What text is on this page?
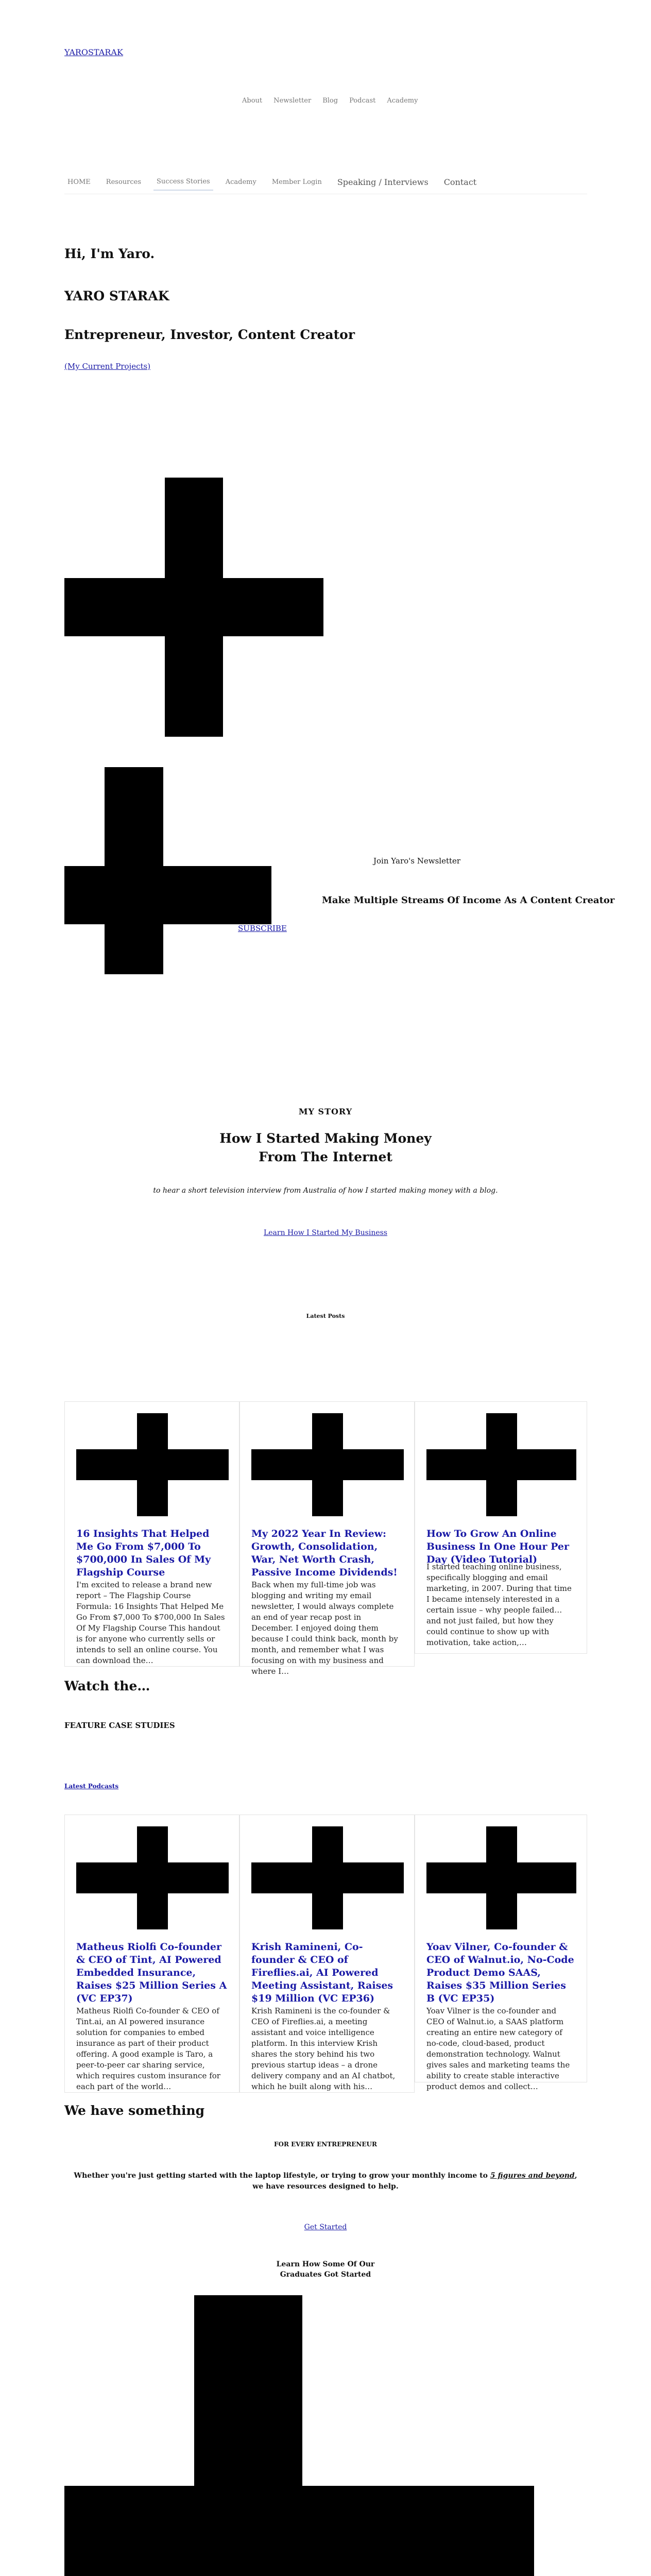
YAROSTARAK
About Newsletter Blog Podcast Academy
HOME	Resources	Success Stories	Academy	Member Login	Speaking / Interviews	Contact
Hi, I'm Yaro.
YARO STARAK
Entrepreneur, Investor, Content Creator
(My Current Projects)
Join Yaro's Newsletter
Make Multiple Streams Of Income As A Content Creator
SUBSCRIBE
MY STORY
How I Started Making Money
From The Internet
to hear a short television interview from Australia of how I started making money with a blog.
Learn How I Started My Business
Latest Posts
16 Insights That Helped Me Go From $7,000 To $700,000 In Sales Of My Flagship Course

I'm excited to release a brand new report – The Flagship Course Formula: 16 Insights That Helped Me Go From $7,000 To $700,000 In Sales Of My Flagship Course This handout is for anyone who currently sells or intends to sell an online course. You can download the…

My 2022 Year In Review: Growth, Consolidation, War, Net Worth Crash, Passive Income Dividends!

Back when my full-time job was blogging and writing my email newsletter, I would always complete an end of year recap post in December. I enjoyed doing them because I could think back, month by month, and remember what I was focusing on with my business and where I…

How To Grow An Online Business In One Hour Per Day (Video Tutorial)

I started teaching online business, specifically blogging and email marketing, in 2007. During that time I became intensely interested in a certain issue – why people failed…and not just failed, but how they could continue to show up with motivation, take action,…

Watch the…
FEATURE CASE STUDIES
Latest Podcasts
Matheus Riolfi Co-founder & CEO of Tint, AI Powered Embedded Insurance, Raises $25 Million Series A (VC EP37)

Matheus Riolfi Co-founder & CEO of Tint.ai, an AI powered insurance solution for companies to embed insurance as part of their product offering. A good example is Taro, a peer-to-peer car sharing service, which requires custom insurance for each part of the world…

Krish Ramineni, Co-founder & CEO of Fireflies.ai, AI Powered Meeting Assistant, Raises $19 Million (VC EP36)

Krish Ramineni is the co-founder & CEO of Fireflies.ai, a meeting assistant and voice intelligence platform. In this interview Krish shares the story behind his two previous startup ideas – a drone delivery company and an AI chatbot, which he built along with his…

Yoav Vilner, Co-founder & CEO of Walnut.io, No-Code Product Demo SAAS, Raises $35 Million Series B (VC EP35)

Yoav Vilner is the co-founder and CEO of Walnut.io, a SAAS platform creating an entire new category of no-code, cloud-based, product demonstration technology. Walnut gives sales and marketing teams the ability to create stable interactive product demos and collect…

We have something
FOR EVERY ENTREPRENEUR

Whether you're just getting started with the laptop lifestyle, or trying to grow your monthly income to 5 figures and beyond, we have resources designed to help.

Get Started
Learn How Some Of Our
Graduates Got Started
